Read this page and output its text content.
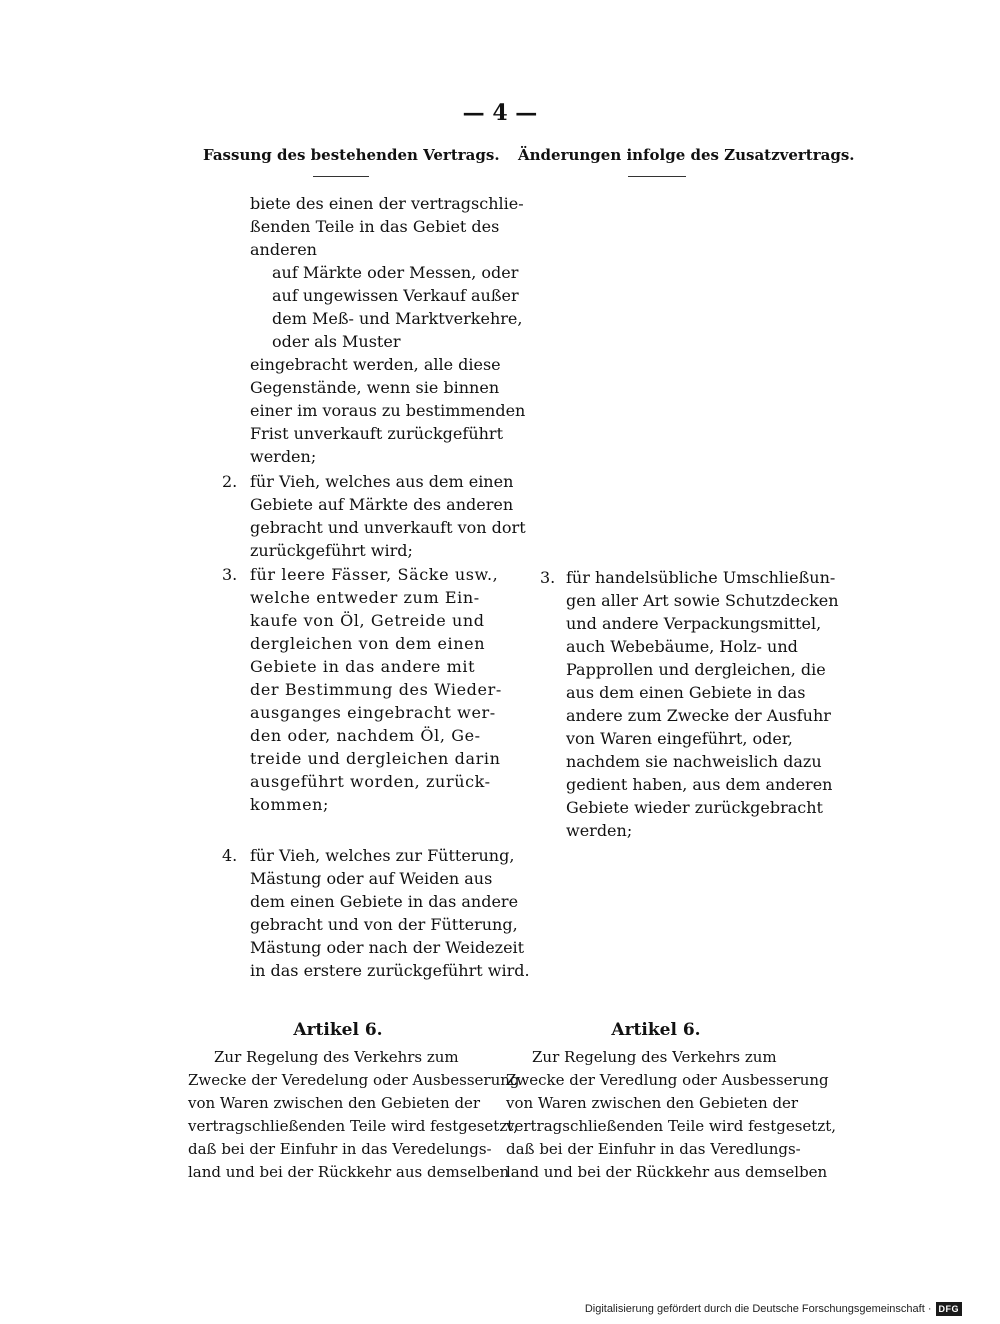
— 4 —
Fassung des bestehenden Vertrags. Änderungen infolge des Zusatzvertrags.
biete des einen der vertragschlie-
ßenden Teile in das Gebiet des
anderen
auf Märkte oder Messen, oder
auf ungewissen Verkauf außer
dem Meß- und Marktverkehre,
oder als Muster
eingebracht werden, alle diese
Gegenstände, wenn sie binnen
einer im voraus zu bestimmenden
Frist unverkauft zurückgeführt
werden;
2. für Vieh, welches aus dem einen
Gebiete auf Märkte des anderen
gebracht und unverkauft von dort
zurückgeführt wird;
3. für leere Fässer, Säcke usw.,
welche entweder zum Ein-
kaufe von Öl, Getreide und
dergleichen von dem einen
Gebiete in das andere mit
der Bestimmung des Wieder-
ausganges eingebracht wer-
den oder, nachdem Öl, Ge-
treide und dergleichen darin
ausgeführt worden, zurück-
kommen;
4. für Vieh, welches zur Fütterung,
Mästung oder auf Weiden aus
dem einen Gebiete in das andere
gebracht und von der Fütterung,
Mästung oder nach der Weidezeit
in das erstere zurückgeführt wird.
3. für handelsübliche Umschließun-
gen aller Art sowie Schutzdecken
und andere Verpackungsmittel,
auch Webebäume, Holz- und
Papprollen und dergleichen, die
aus dem einen Gebiete in das
andere zum Zwecke der Ausfuhr
von Waren eingeführt, oder,
nachdem sie nachweislich dazu
gedient haben, aus dem anderen
Gebiete wieder zurückgebracht
werden;
Artikel 6.
Zur Regelung des Verkehrs zum
Zwecke der Veredelung oder Ausbesserung
von Waren zwischen den Gebieten der
vertragschließenden Teile wird festgesetzt,
daß bei der Einfuhr in das Veredelungs-
land und bei der Rückkehr aus demselben
Artikel 6.
Zur Regelung des Verkehrs zum
Zwecke der Veredlung oder Ausbesserung
von Waren zwischen den Gebieten der
vertragschließenden Teile wird festgesetzt,
daß bei der Einfuhr in das Veredlungs-
land und bei der Rückkehr aus demselben
Digitalisierung gefördert durch die Deutsche Forschungsgemeinschaft · DFG
